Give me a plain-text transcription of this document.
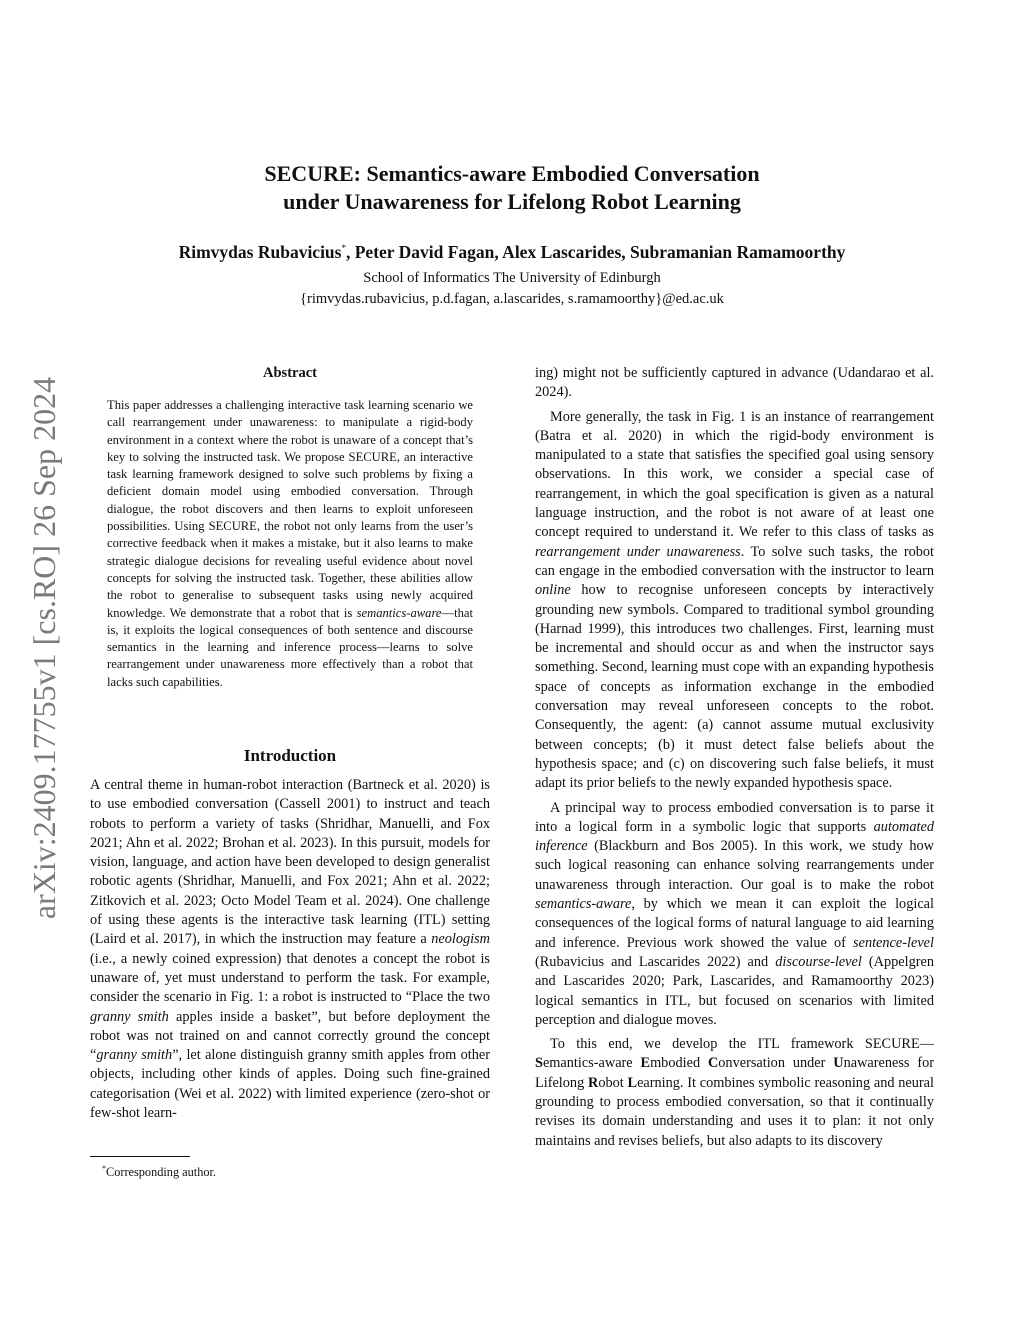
SECURE: Semantics-aware Embodied Conversation
under Unawareness for Lifelong Robot Learning
Rimvydas Rubavicius*, Peter David Fagan, Alex Lascarides, Subramanian Ramamoorthy
School of Informatics The University of Edinburgh
{rimvydas.rubavicius, p.d.fagan, a.lascarides, s.ramamoorthy}@ed.ac.uk
arXiv:2409.17755v1 [cs.RO] 26 Sep 2024
Abstract
This paper addresses a challenging interactive task learning scenario we call rearrangement under unawareness: to manipulate a rigid-body environment in a context where the robot is unaware of a concept that’s key to solving the instructed task. We propose SECURE, an interactive task learning framework designed to solve such problems by fixing a deficient domain model using embodied conversation. Through dialogue, the robot discovers and then learns to exploit unforeseen possibilities. Using SECURE, the robot not only learns from the user’s corrective feedback when it makes a mistake, but it also learns to make strategic dialogue decisions for revealing useful evidence about novel concepts for solving the instructed task. Together, these abilities allow the robot to generalise to subsequent tasks using newly acquired knowledge. We demonstrate that a robot that is semantics-aware—that is, it exploits the logical consequences of both sentence and discourse semantics in the learning and inference process—learns to solve rearrangement under unawareness more effectively than a robot that lacks such capabilities.
Introduction

A central theme in human-robot interaction (Bartneck et al. 2020) is to use embodied conversation (Cassell 2001) to instruct and teach robots to perform a variety of tasks (Shridhar, Manuelli, and Fox 2021; Ahn et al. 2022; Brohan et al. 2023). In this pursuit, models for vision, language, and action have been developed to design generalist robotic agents (Shridhar, Manuelli, and Fox 2021; Ahn et al. 2022; Zitkovich et al. 2023; Octo Model Team et al. 2024). One challenge of using these agents is the interactive task learning (ITL) setting (Laird et al. 2017), in which the instruction may feature a neologism (i.e., a newly coined expression) that denotes a concept the robot is unaware of, yet must understand to perform the task. For example, consider the scenario in Fig. 1: a robot is instructed to “Place the two granny smith apples inside a basket”, but before deployment the robot was not trained on and cannot correctly ground the concept “granny smith”, let alone distinguish granny smith apples from other objects, including other kinds of apples. Doing such fine-grained categorisation (Wei et al. 2022) with limited experience (zero-shot or few-shot learn-

*Corresponding author.

ing) might not be sufficiently captured in advance (Udandarao et al. 2024).

More generally, the task in Fig. 1 is an instance of rearrangement (Batra et al. 2020) in which the rigid-body environment is manipulated to a state that satisfies the specified goal using sensory observations. In this work, we consider a special case of rearrangement, in which the goal specification is given as a natural language instruction, and the robot is not aware of at least one concept required to understand it. We refer to this class of tasks as rearrangement under unawareness. To solve such tasks, the robot can engage in the embodied conversation with the instructor to learn online how to recognise unforeseen concepts by interactively grounding new symbols. Compared to traditional symbol grounding (Harnad 1999), this introduces two challenges. First, learning must be incremental and should occur as and when the instructor says something. Second, learning must cope with an expanding hypothesis space of concepts as information exchange in the embodied conversation may reveal unforeseen concepts to the robot. Consequently, the agent: (a) cannot assume mutual exclusivity between concepts; (b) it must detect false beliefs about the hypothesis space; and (c) on discovering such false beliefs, it must adapt its prior beliefs to the newly expanded hypothesis space.

A principal way to process embodied conversation is to parse it into a logical form in a symbolic logic that supports automated inference (Blackburn and Bos 2005). In this work, we study how such logical reasoning can enhance solving rearrangements under unawareness through interaction. Our goal is to make the robot semantics-aware, by which we mean it can exploit the logical consequences of the logical forms of natural language to aid learning and inference. Previous work showed the value of sentence-level (Rubavicius and Lascarides 2022) and discourse-level (Appelgren and Lascarides 2020; Park, Lascarides, and Ramamoorthy 2023) logical semantics in ITL, but focused on scenarios with limited perception and dialogue moves.

To this end, we develop the ITL framework SECURE—Semantics-aware Embodied Conversation under Unawareness for Lifelong Robot Learning. It combines symbolic reasoning and neural grounding to process embodied conversation, so that it continually revises its domain understanding and uses it to plan: it not only maintains and revises beliefs, but also adapts to its discovery
